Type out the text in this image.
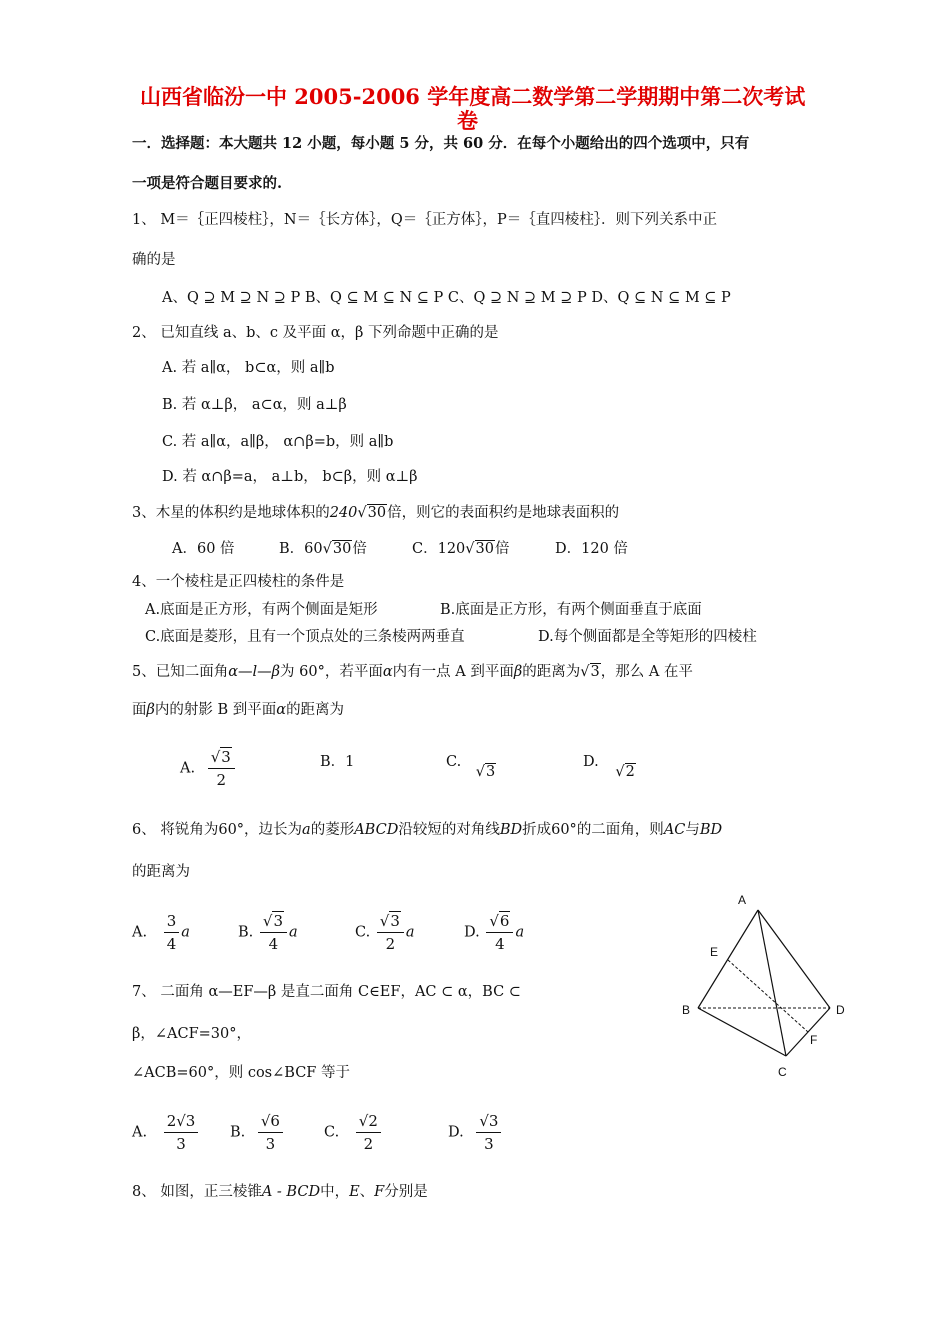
山西省临汾一中 2005-2006 学年度高二数学第二学期期中第二次考试
卷
一．选择题：本大题共 12 小题，每小题 5 分，共 60 分．在每个小题给出的四个选项中，只有
一项是符合题目要求的.
1、 M＝｛正四棱柱｝，N＝｛长方体｝，Q＝｛正方体｝，P＝｛直四棱柱｝．则下列关系中正
确的是
A、Q ⊇ M ⊇ N ⊇ P B、Q ⊆ M ⊆ N ⊆ P C、Q ⊇ N ⊇ M ⊇ P D、Q ⊆ N ⊆ M ⊆ P
2、 已知直线 a、b、c 及平面 α，β 下列命题中正确的是
A. 若 a∥α， b⊂α，则 a∥b
B. 若 α⊥β， a⊂α，则 a⊥β
C. 若 a∥α，a∥β， α∩β=b，则 a∥b
D. 若 α∩β=a， a⊥b， b⊂β，则 α⊥β
3、木星的体积约是地球体积的240√30倍，则它的表面积约是地球表面积的
A．60 倍	B．60√30倍	C．120√30倍	D．120 倍
4、一个棱柱是正四棱柱的条件是
A.底面是正方形，有两个侧面是矩形	B.底面是正方形，有两个侧面垂直于底面
C.底面是菱形，且有一个顶点处的三条棱两两垂直	D.每个侧面都是全等矩形的四棱柱
5、已知二面角α—l—β为 60°，若平面α内有一点 A 到平面β的距离为√3，那么 A 在平
面β内的射影 B 到平面α的距离为
A. $\frac{√3}{2}$	B．1	C. √3
D. √2
6、 将锐角为60°，边长为a的菱形ABCD沿较短的对角线BD折成60°的二面角，则AC与BD
的距离为
A. $\frac{3}{4}$ a	B. $\frac{√3}{4}$ a	C. $\frac{√3}{2}$ a	D. $\frac{√6}{4}$ a
7、 二面角 α—EF—β 是直二面角 C∈EF，AC ⊂ α，BC ⊂
β，∠ACF=30°，
∠ACB=60°，则 cos∠BCF 等于
A. $\frac{2√3}{3} B$. $\frac{√6}{3}$	C. $\frac{√2}{2}$	D. $\frac{√3}{3}$
8、 如图，正三棱锥A - BCD中，E、F分别是
A
E
B	D
F
C
